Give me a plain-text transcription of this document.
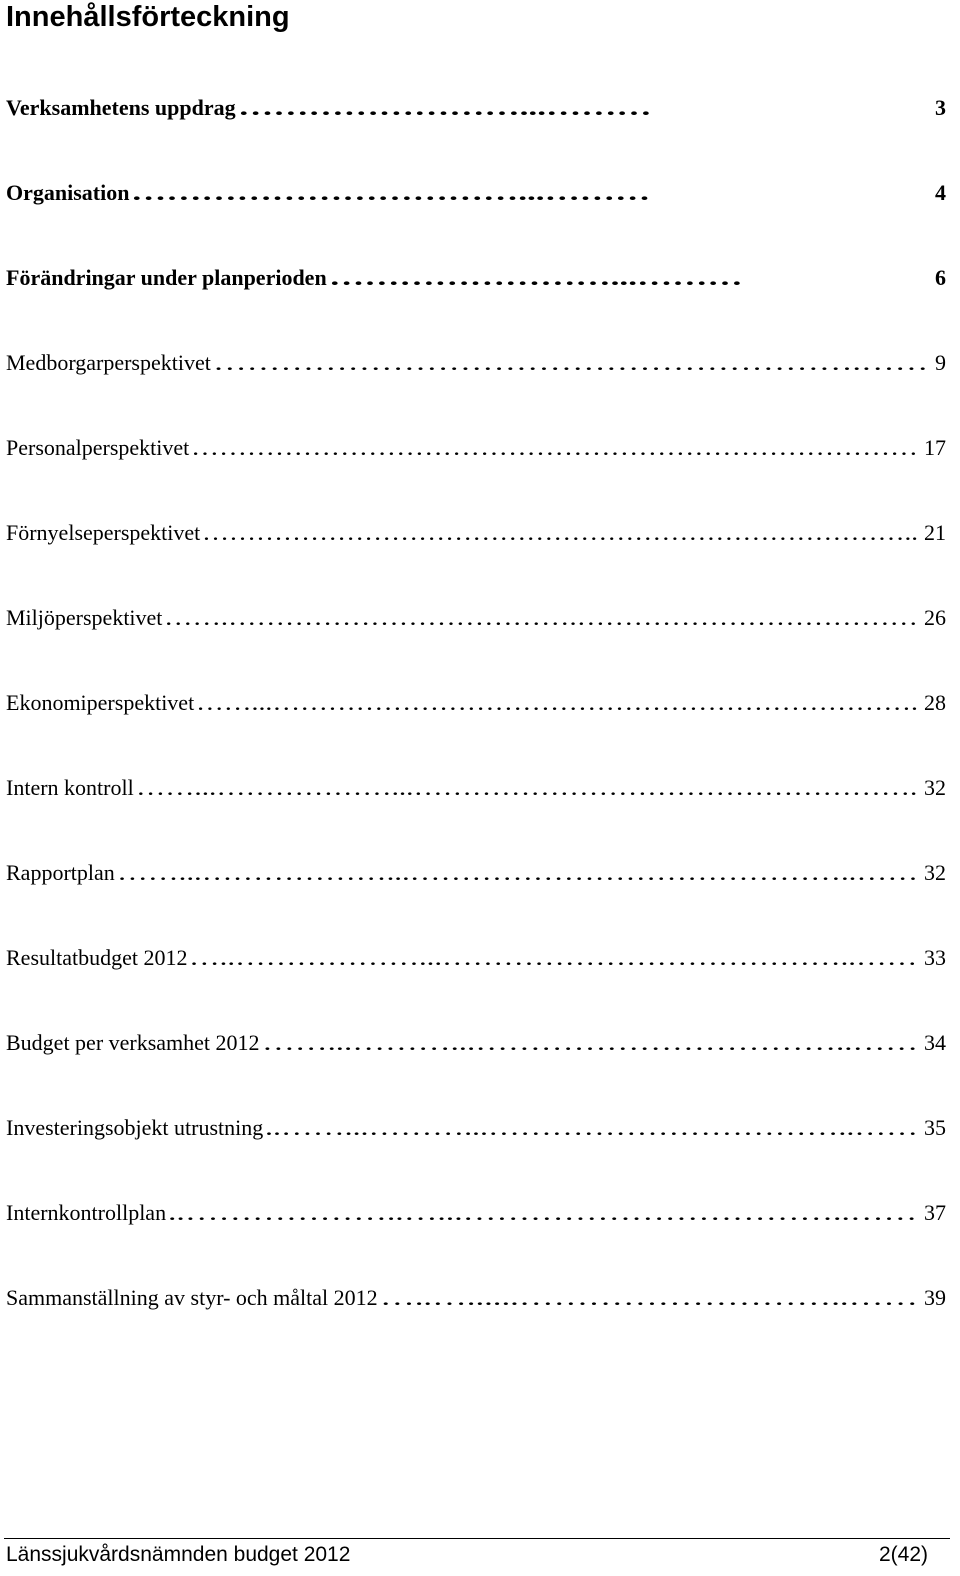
Innehållsförteckning
Verksamhetens uppdrag ……………………...………	3
Organisation ……………………………...………	4
Förändringar under planperioden ……………………...………	6
Medborgarperspektivet ………………………………………………….…… 9
Personalperspektivet …………………………………………………………………… 17
Förnyelseperspektivet …………………………………………………………………….. 21
Miljöperspektivet …….……………………………….……………………………… 26
Ekonomiperspektivet ……...……………………………………………………………. 28
Intern kontroll ……...………………...……………………………………………. 32
Rapportplan ……...………………...……………………………………..…… 32
Resultatbudget 2012 …..………………...…………………………………..…… 33
Budget per verksamhet 2012 ……...………...……………………………..…… 34
Investeringsobjekt utrustning ..……...………...……………………………..…… 35
Internkontrollplan ..………………..…...……………………………..…… 37
Sammanställning av styr- och måltal 2012 …..…......………………………..…… 39
Länssjukvårdsnämnden budget 2012	2(42)
